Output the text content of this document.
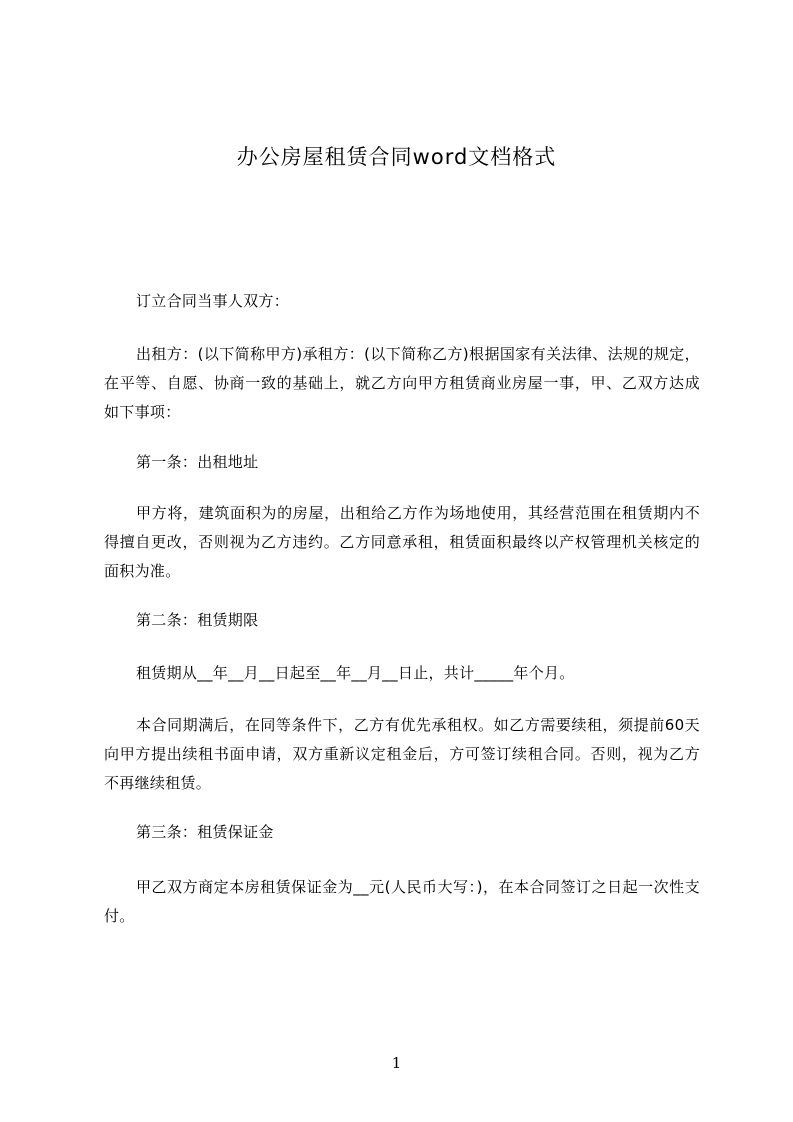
办公房屋租赁合同word文档格式
订立合同当事人双方：
出租方：(以下简称甲方)承租方：(以下简称乙方)根据国家有关法律、法规的规定，在平等、自愿、协商一致的基础上，就乙方向甲方租赁商业房屋一事，甲、乙双方达成如下事项：
第一条：出租地址
甲方将，建筑面积为的房屋，出租给乙方作为场地使用，其经营范围在租赁期内不得擅自更改，否则视为乙方违约。乙方同意承租，租赁面积最终以产权管理机关核定的面积为准。
第二条：租赁期限
租赁期从__年__月__日起至__年__月__日止，共计_____年个月。
本合同期满后，在同等条件下，乙方有优先承租权。如乙方需要续租，须提前60天向甲方提出续租书面申请，双方重新议定租金后，方可签订续租合同。否则，视为乙方不再继续租赁。
第三条：租赁保证金
甲乙双方商定本房租赁保证金为__元(人民币大写：)，在本合同签订之日起一次性支付。
1
